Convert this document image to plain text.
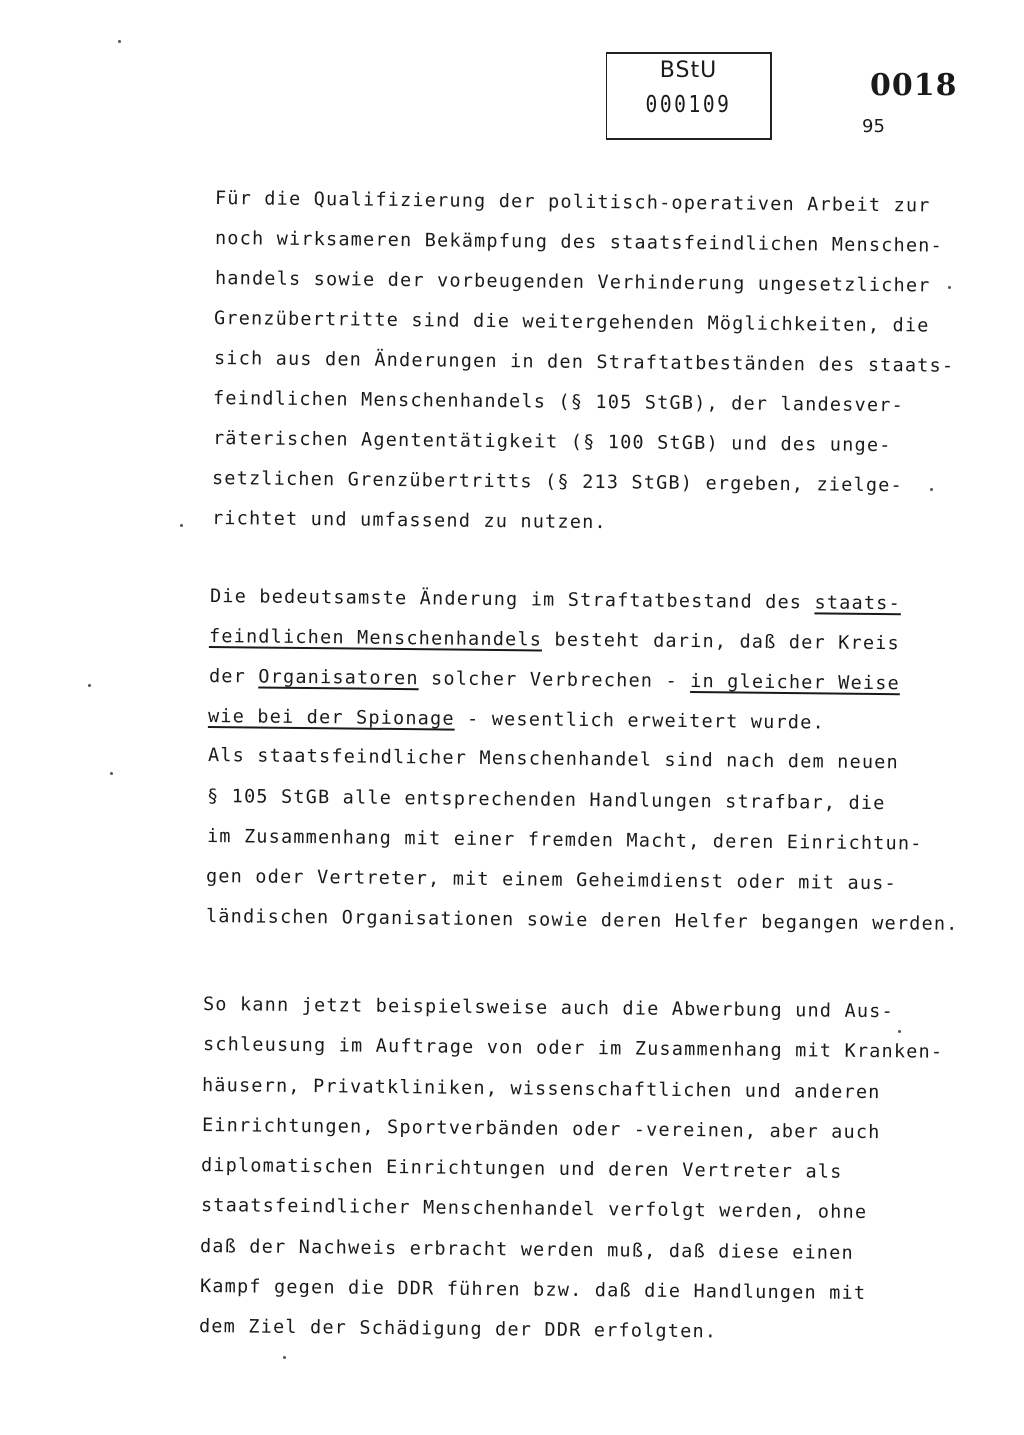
BStU
000109
0018
95
Für die Qualifizierung der politisch-operativen Arbeit zur
noch wirksameren Bekämpfung des staatsfeindlichen Menschen-
handels sowie der vorbeugenden Verhinderung ungesetzlicher
Grenzübertritte sind die weitergehenden Möglichkeiten, die
sich aus den Änderungen in den Straftatbeständen des staats-
feindlichen Menschenhandels (§ 105 StGB), der landesver-
räterischen Agententätigkeit (§ 100 StGB) und des unge-
setzlichen Grenzübertritts (§ 213 StGB) ergeben, zielge-
richtet und umfassend zu nutzen.
Die bedeutsamste Änderung im Straftatbestand des staats-
feindlichen Menschenhandels besteht darin, daß der Kreis
der Organisatoren solcher Verbrechen - in gleicher Weise
wie bei der Spionage - wesentlich erweitert wurde.
Als staatsfeindlicher Menschenhandel sind nach dem neuen
§ 105 StGB alle entsprechenden Handlungen strafbar, die
im Zusammenhang mit einer fremden Macht, deren Einrichtun-
gen oder Vertreter, mit einem Geheimdienst oder mit aus-
ländischen Organisationen sowie deren Helfer begangen werden.
So kann jetzt beispielsweise auch die Abwerbung und Aus-
schleusung im Auftrage von oder im Zusammenhang mit Kranken-
häusern, Privatkliniken, wissenschaftlichen und anderen
Einrichtungen, Sportverbänden oder -vereinen, aber auch
diplomatischen Einrichtungen und deren Vertreter als
staatsfeindlicher Menschenhandel verfolgt werden, ohne
daß der Nachweis erbracht werden muß, daß diese einen
Kampf gegen die DDR führen bzw. daß die Handlungen mit
dem Ziel der Schädigung der DDR erfolgten.
